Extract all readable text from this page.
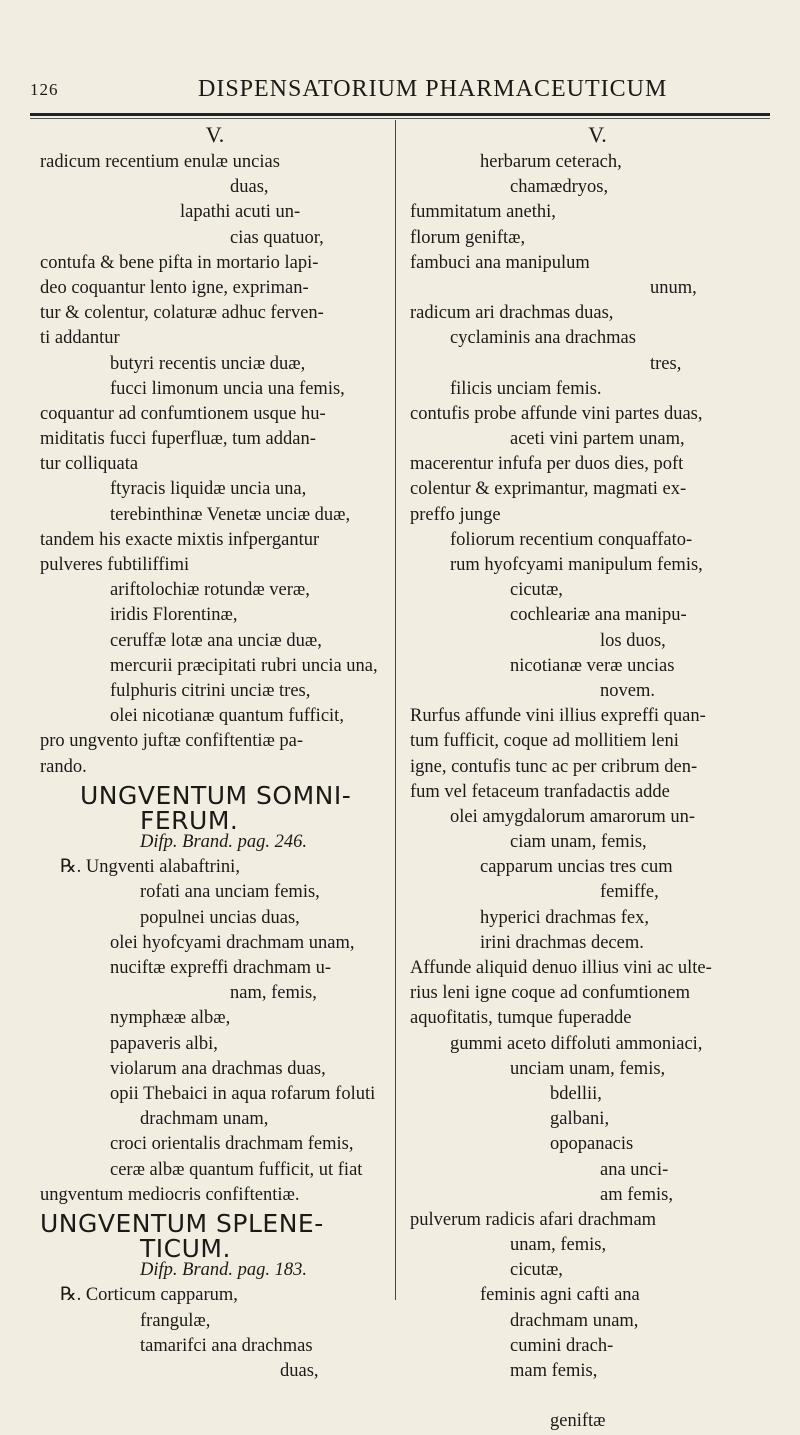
126	DISPENSATORIUM PHARMACEUTICUM
V.
radicum recentium enulæ uncias
duas,
lapathi acuti un-
cias quatuor,
contufa & bene pifta in mortario lapi-
deo coquantur lento igne, expriman-
tur & colentur, colaturæ adhuc ferven-
ti addantur
butyri recentis unciæ duæ,
fucci limonum uncia una femis,
coquantur ad confumtionem usque hu-
miditatis fucci fuperfluæ, tum addan-
tur colliquata
ftyracis liquidæ uncia una,
terebinthinæ Venetæ unciæ duæ,
tandem his exacte mixtis infpergantur
pulveres fubtiliffimi
ariftolochiæ rotundæ veræ,
iridis Florentinæ,
ceruffæ lotæ ana unciæ duæ,
mercurii præcipitati rubri uncia una,
fulphuris citrini unciæ tres,
olei nicotianæ quantum fufficit,
pro ungvento juftæ confiftentiæ pa-
rando.
UNGVENTUM SOMNI-
FERUM.
Difp. Brand. pag. 246.
℞. Ungventi alabaftrini,
rofati ana unciam femis,
populnei uncias duas,
olei hyofcyami drachmam unam,
nuciftæ expreffi drachmam u-
nam, femis,
nymphææ albæ,
papaveris albi,
violarum ana drachmas duas,
opii Thebaici in aqua rofarum foluti
drachmam unam,
croci orientalis drachmam femis,
ceræ albæ quantum fufficit, ut fiat
ungventum mediocris confiftentiæ.
UNGVENTUM SPLENE-
TICUM.
Difp. Brand. pag. 183.
℞. Corticum capparum,
frangulæ,
tamarifci ana drachmas
duas,
V.
herbarum ceterach,
chamædryos,
fummitatum anethi,
florum geniftæ,
fambuci ana manipulum
unum,
radicum ari drachmas duas,
cyclaminis ana drachmas
tres,
filicis unciam femis.
contufis probe affunde vini partes duas,
aceti vini partem unam,
macerentur infufa per duos dies, poft
colentur & exprimantur, magmati ex-
preffo junge
foliorum recentium conquaffato-
rum hyofcyami manipulum femis,
cicutæ,
cochleariæ ana manipu-
los duos,
nicotianæ veræ uncias
novem.
Rurfus affunde vini illius expreffi quan-
tum fufficit, coque ad mollitiem leni
igne, contufis tunc ac per cribrum den-
fum vel fetaceum tranfadactis adde
olei amygdalorum amarorum un-
ciam unam, femis,
capparum uncias tres cum
femiffe,
hyperici drachmas fex,
irini drachmas decem.
Affunde aliquid denuo illius vini ac ulte-
rius leni igne coque ad confumtionem
aquofitatis, tumque fuperadde
gummi aceto diffoluti ammoniaci,
unciam unam, femis,
bdellii,
galbani,
opopanacis
ana unci-
am femis,
pulverum radicis afari drachmam
unam, femis,
cicutæ,
feminis agni cafti ana
drachmam unam,
cumini drach-
mam femis,
geniftæ
